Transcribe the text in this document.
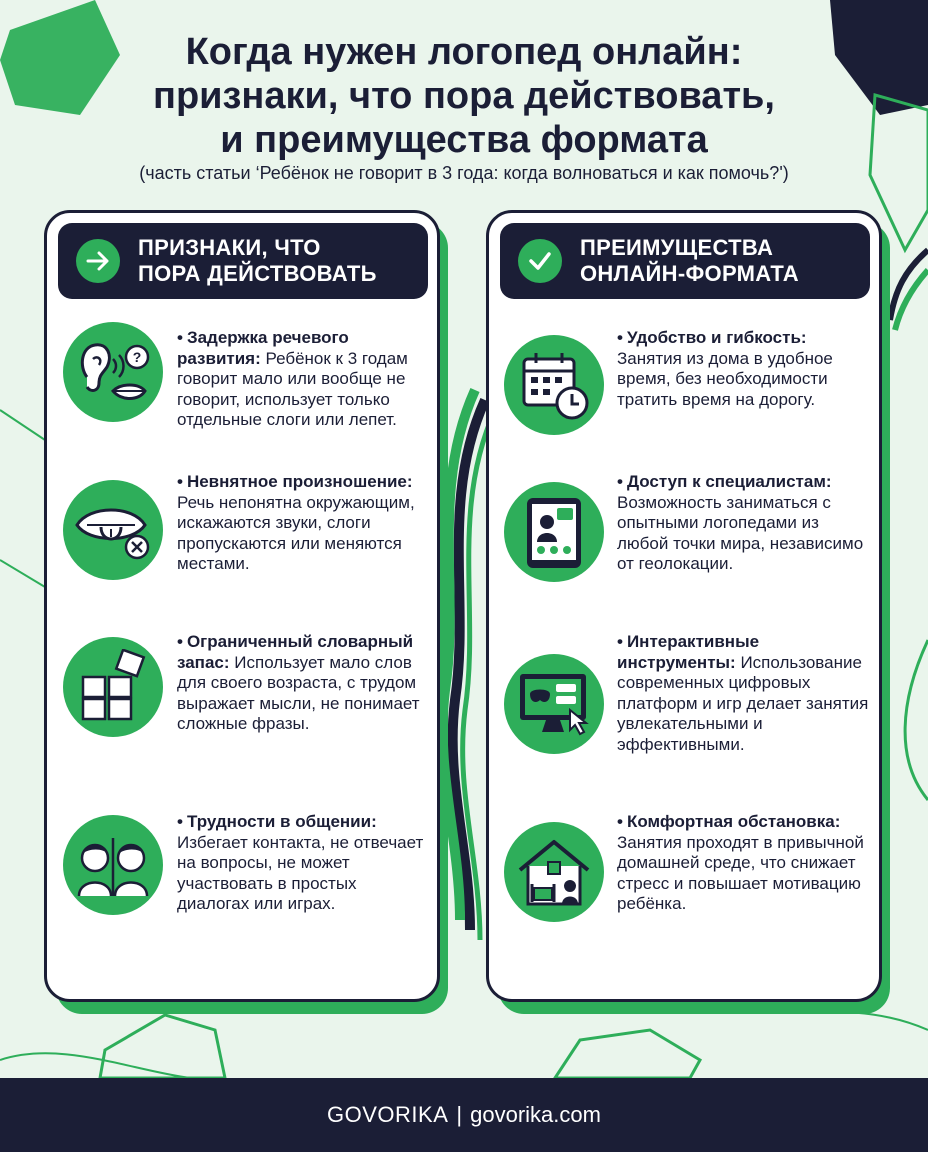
Когда нужен логопед онлайн:
признаки, что пора действовать,
и преимущества формата
(часть статьи ‘Ребёнок не говорит в 3 года: когда волноваться и как помочь?')
ПРИЗНАКИ, ЧТО
ПОРА ДЕЙСТВОВАТЬ
?
• Задержка речевого развития: Ребёнок к 3 годам говорит мало или вообще не говорит, использует только отдельные слоги или лепет.
• Невнятное произношение: Речь непонятна окружающим, искажаются звуки, слоги пропускаются или меняются местами.
• Ограниченный словарный запас: Использует мало слов для своего возраста, с трудом выражает мысли, не понимает сложные фразы.
• Трудности в общении: Избегает контакта, не отвечает на вопросы, не может участвовать в простых диалогах или играх.
ПРЕИМУЩЕСТВА
ОНЛАЙН-ФОРМАТА
• Удобство и гибкость: Занятия из дома в удобное время, без необходимости тратить время на дорогу.
• Доступ к специалистам: Возможность заниматься с опытными логопедами из любой точки мира, независимо от геолокации.
• Интерактивные инструменты: Использование современных цифровых платформ и игр делает занятия увлекательными и эффективными.
• Комфортная обстановка: Занятия проходят в привычной домашней среде, что снижает стресс и повышает мотивацию ребёнка.
GOVORIKA | govorika.com
